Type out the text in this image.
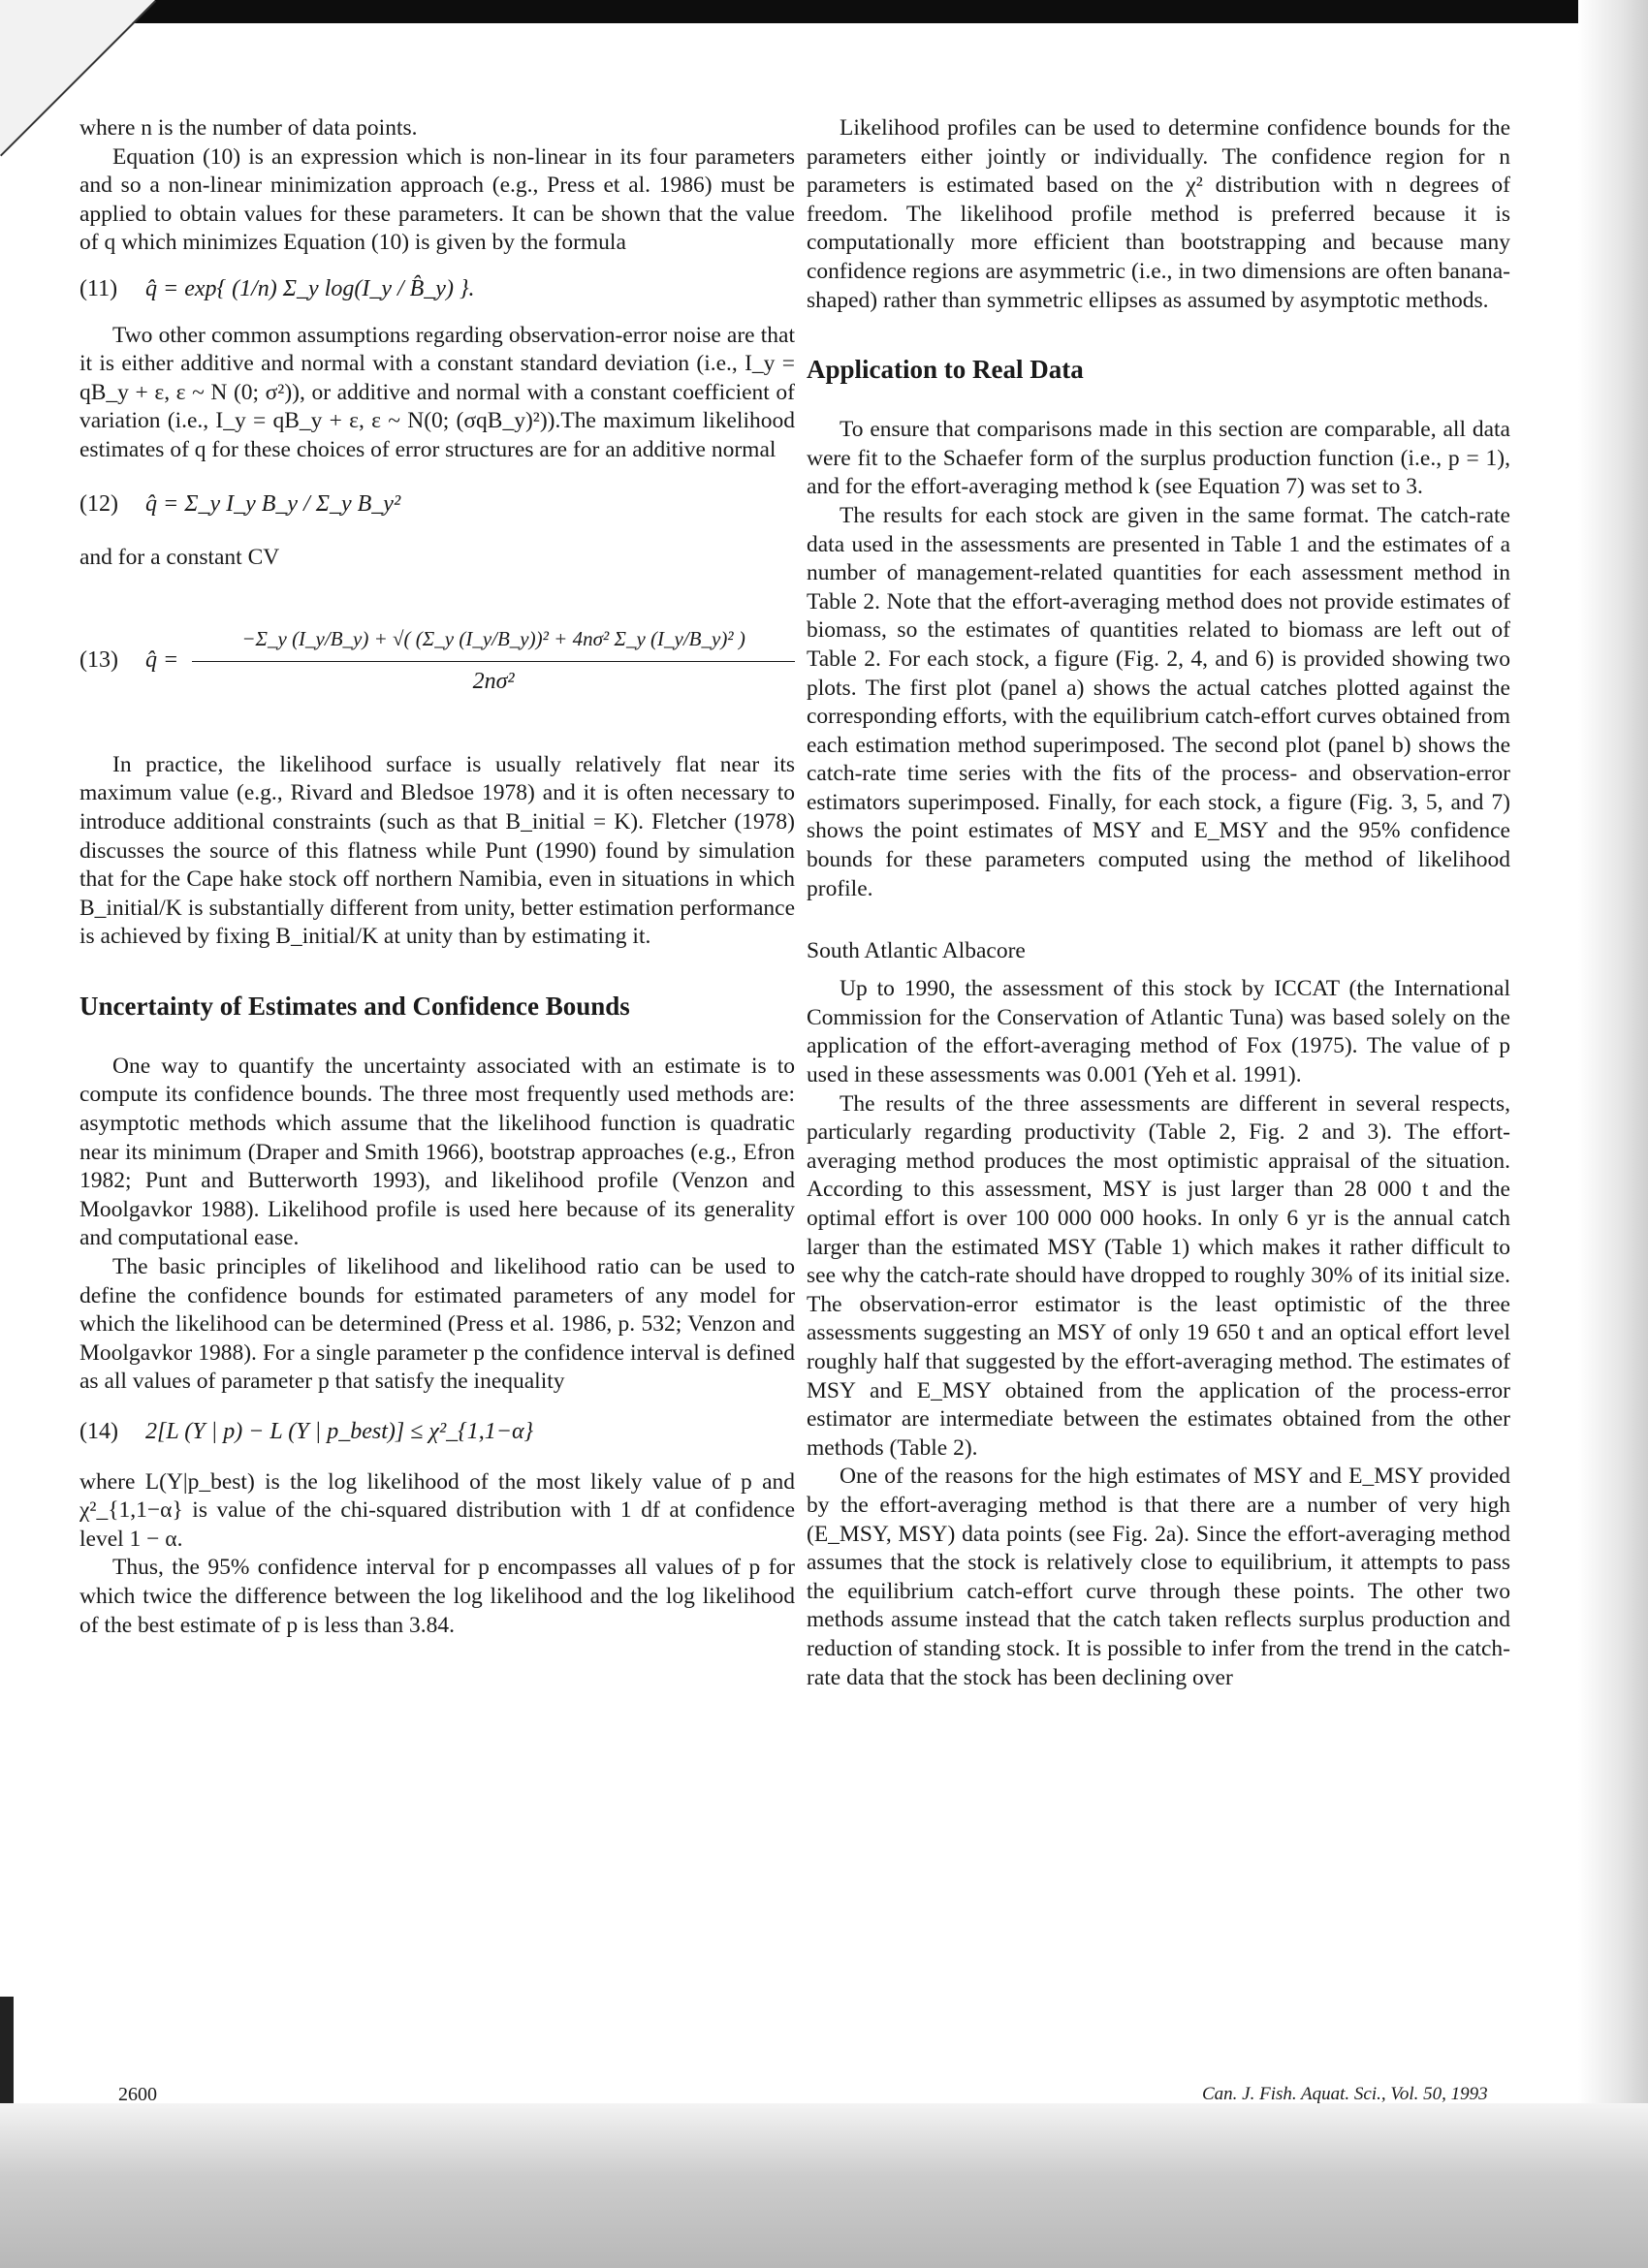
where n is the number of data points.

Equation (10) is an expression which is non-linear in its four parameters and so a non-linear minimization approach (e.g., Press et al. 1986) must be applied to obtain values for these parameters. It can be shown that the value of q which minimizes Equation (10) is given by the formula

(11)	q̂ = exp{ (1/n) Σ_y log(I_y / B̂_y) }.

Two other common assumptions regarding observation-error noise are that it is either additive and normal with a constant standard deviation (i.e., I_y = qB_y + ε, ε ~ N (0; σ²)), or additive and normal with a constant coefficient of variation (i.e., I_y = qB_y + ε, ε ~ N(0; (σqB_y)²)).The maximum likelihood estimates of q for these choices of error structures are for an additive normal

(12)	q̂ = Σ_y I_y B_y / Σ_y B_y²

and for a constant CV

(13)	q̂ =
−Σ_y (I_y/B_y) + √( (Σ_y (I_y/B_y))² + 4nσ² Σ_y (I_y/B_y)² )
2nσ²

In practice, the likelihood surface is usually relatively flat near its maximum value (e.g., Rivard and Bledsoe 1978) and it is often necessary to introduce additional constraints (such as that B_initial = K). Fletcher (1978) discusses the source of this flatness while Punt (1990) found by simulation that for the Cape hake stock off northern Namibia, even in situations in which B_initial/K is substantially different from unity, better estimation performance is achieved by fixing B_initial/K at unity than by estimating it.

Uncertainty of Estimates and Confidence Bounds

One way to quantify the uncertainty associated with an estimate is to compute its confidence bounds. The three most frequently used methods are: asymptotic methods which assume that the likelihood function is quadratic near its minimum (Draper and Smith 1966), bootstrap approaches (e.g., Efron 1982; Punt and Butterworth 1993), and likelihood profile (Venzon and Moolgavkor 1988). Likelihood profile is used here because of its generality and computational ease.

The basic principles of likelihood and likelihood ratio can be used to define the confidence bounds for estimated parameters of any model for which the likelihood can be determined (Press et al. 1986, p. 532; Venzon and Moolgavkor 1988). For a single parameter p the confidence interval is defined as all values of parameter p that satisfy the inequality

(14)	2[L (Y | p) − L (Y | p_best)] ≤ χ²_{1,1−α}

where L(Y|p_best) is the log likelihood of the most likely value of p and χ²_{1,1−α} is value of the chi-squared distribution with 1 df at confidence level 1 − α.

Thus, the 95% confidence interval for p encompasses all values of p for which twice the difference between the log likelihood and the log likelihood of the best estimate of p is less than 3.84.

Likelihood profiles can be used to determine confidence bounds for the parameters either jointly or individually. The confidence region for n parameters is estimated based on the χ² distribution with n degrees of freedom. The likelihood profile method is preferred because it is computationally more efficient than bootstrapping and because many confidence regions are asymmetric (i.e., in two dimensions are often banana-shaped) rather than symmetric ellipses as assumed by asymptotic methods.

Application to Real Data

To ensure that comparisons made in this section are comparable, all data were fit to the Schaefer form of the surplus production function (i.e., p = 1), and for the effort-averaging method k (see Equation 7) was set to 3.

The results for each stock are given in the same format. The catch-rate data used in the assessments are presented in Table 1 and the estimates of a number of management-related quantities for each assessment method in Table 2. Note that the effort-averaging method does not provide estimates of biomass, so the estimates of quantities related to biomass are left out of Table 2. For each stock, a figure (Fig. 2, 4, and 6) is provided showing two plots. The first plot (panel a) shows the actual catches plotted against the corresponding efforts, with the equilibrium catch-effort curves obtained from each estimation method superimposed. The second plot (panel b) shows the catch-rate time series with the fits of the process- and observation-error estimators superimposed. Finally, for each stock, a figure (Fig. 3, 5, and 7) shows the point estimates of MSY and E_MSY and the 95% confidence bounds for these parameters computed using the method of likelihood profile.

South Atlantic Albacore

Up to 1990, the assessment of this stock by ICCAT (the International Commission for the Conservation of Atlantic Tuna) was based solely on the application of the effort-averaging method of Fox (1975). The value of p used in these assessments was 0.001 (Yeh et al. 1991).

The results of the three assessments are different in several respects, particularly regarding productivity (Table 2, Fig. 2 and 3). The effort-averaging method produces the most optimistic appraisal of the situation. According to this assessment, MSY is just larger than 28 000 t and the optimal effort is over 100 000 000 hooks. In only 6 yr is the annual catch larger than the estimated MSY (Table 1) which makes it rather difficult to see why the catch-rate should have dropped to roughly 30% of its initial size. The observation-error estimator is the least optimistic of the three assessments suggesting an MSY of only 19 650 t and an optical effort level roughly half that suggested by the effort-averaging method. The estimates of MSY and E_MSY obtained from the application of the process-error estimator are intermediate between the estimates obtained from the other methods (Table 2).

One of the reasons for the high estimates of MSY and E_MSY provided by the effort-averaging method is that there are a number of very high (E_MSY, MSY) data points (see Fig. 2a). Since the effort-averaging method assumes that the stock is relatively close to equilibrium, it attempts to pass the equilibrium catch-effort curve through these points. The other two methods assume instead that the catch taken reflects surplus production and reduction of standing stock. It is possible to infer from the trend in the catch-rate data that the stock has been declining over

2600	Can. J. Fish. Aquat. Sci., Vol. 50, 1993
